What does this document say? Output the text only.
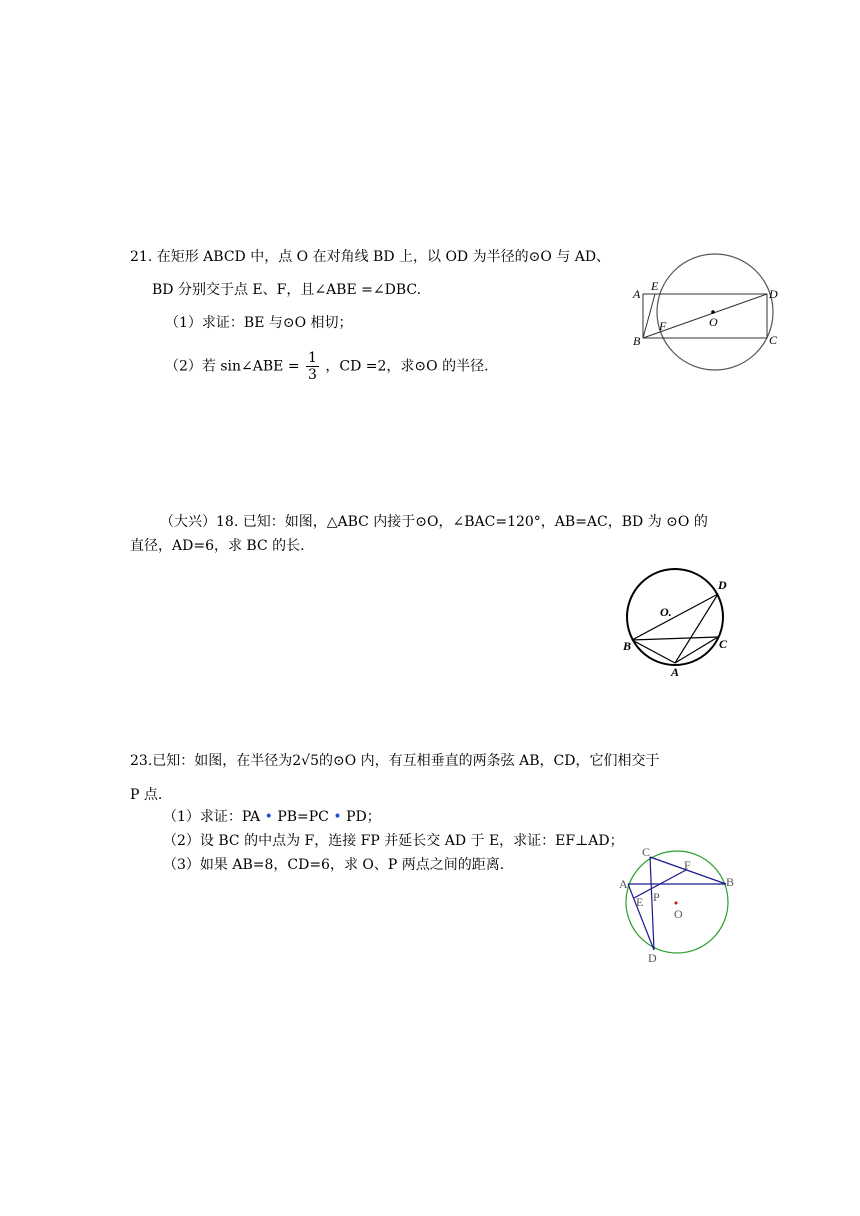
21. 在矩形 ABCD 中，点 O 在对角线 BD 上，以 OD 为半径的⊙O 与 AD、
BD 分别交于点 E、F，且∠ABE =∠DBC.
（1）求证：BE 与⊙O 相切；
（2）若 sin∠ABE = $\frac{1}{3}$ ，CD =2，求⊙O 的半径.
A
B	C
D
E
F	O
（大兴）18. 已知：如图，△ABC 内接于⊙O，∠BAC=120°，AB=AC，BD 为 ⊙O 的
直径，AD=6，求 BC 的长.
O.
D
B	C
A
23.已知：如图，在半径为2√5的⊙O 内，有互相垂直的两条弦 AB，CD，它们相交于
P 点.
（1）求证：PA • PB=PC • PD；
（2）设 BC 的中点为 F，连接 FP 并延长交 AD 于 E，求证：EF⊥AD；
（3）如果 AB=8，CD=6，求 O、P 两点之间的距离.
C
F
A	B
E P
O
D
